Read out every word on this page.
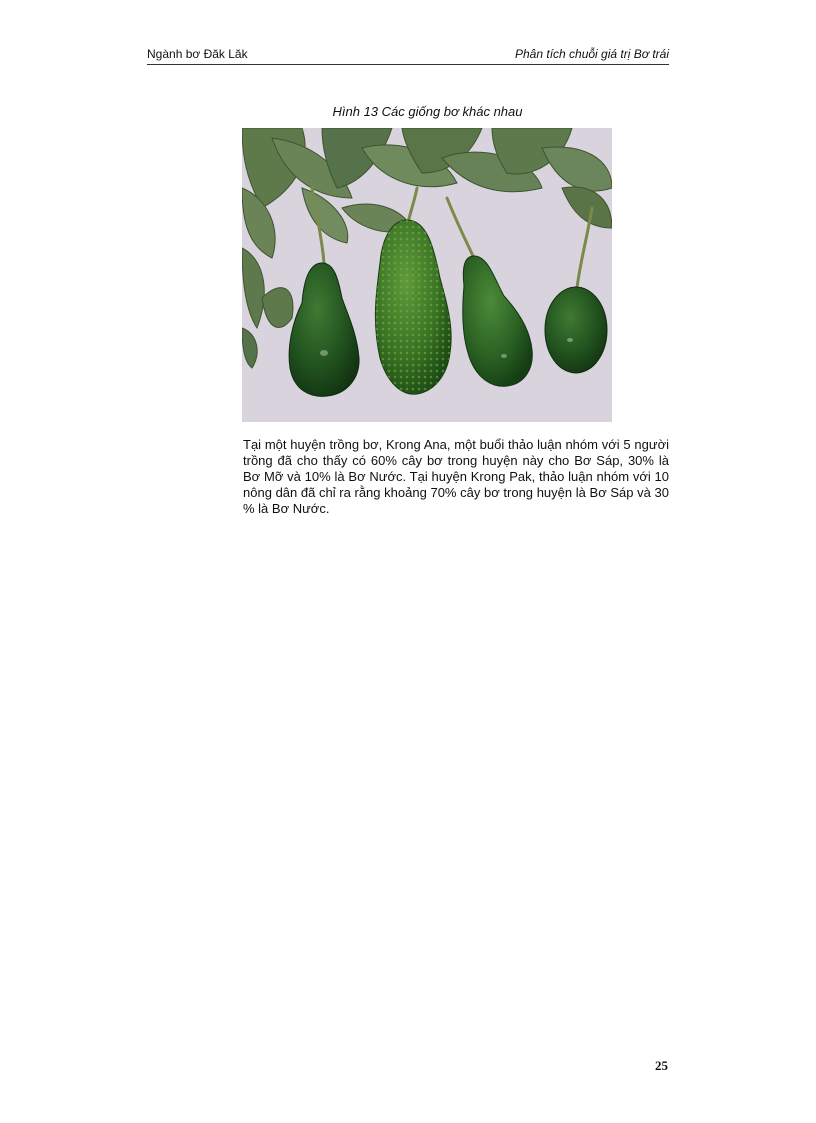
Ngành bơ Đăk Lăk	Phân tích chuỗi giá trị Bơ trái
Hình 13 Các giống bơ khác nhau
Tại một huyện trồng bơ, Krong Ana, một buổi thảo luận nhóm với 5 người trồng đã cho thấy có 60% cây bơ trong huyện này cho Bơ Sáp, 30% là Bơ Mỡ và 10% là Bơ Nước. Tại huyện Krong Pak, thảo luận nhóm với 10 nông dân đã chỉ ra rằng khoảng 70% cây bơ trong huyện là Bơ Sáp và 30 % là Bơ Nước.
25
